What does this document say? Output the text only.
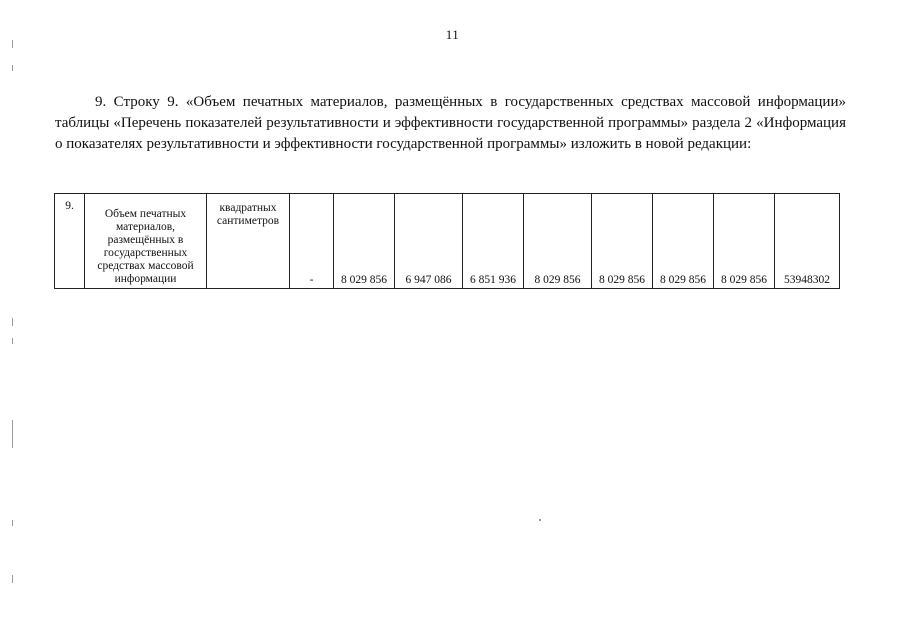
11

9. Строку 9. «Объем печатных материалов, размещённых в государственных средствах массовой информации» таблицы «Перечень показателей результативности и эффективности государственной программы» раздела 2 «Информация о показателях результативности и эффективности государственной программы» изложить в новой редакции:

9.	Объем печатных материалов, размещённых в государственных средствах массовой информации	квадратных сантиметров	-	8 029 856	6 947 086	6 851 936	8 029 856	8 029 856	8 029 856	8 029 856	53948302
